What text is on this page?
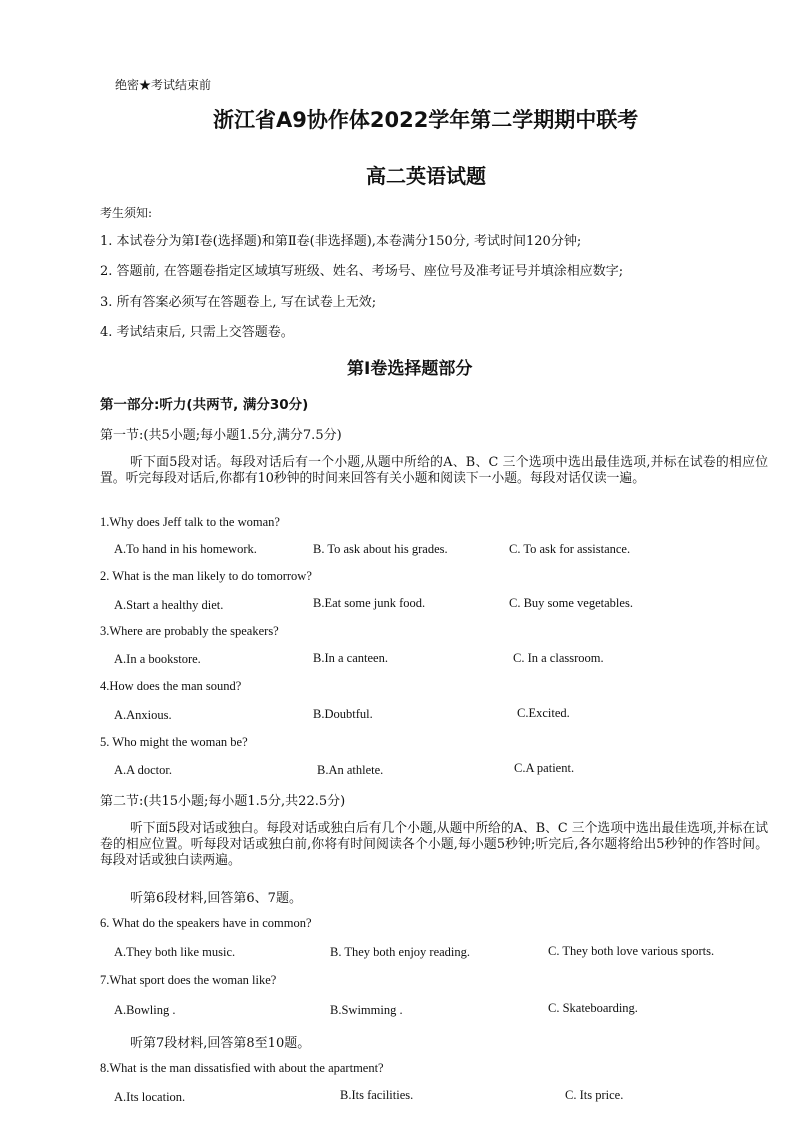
绝密★考试结束前
浙江省A9协作体2022学年第二学期期中联考
高二英语试题
考生须知:
1. 本试卷分为第Ⅰ卷(选择题)和第Ⅱ卷(非选择题),本卷满分150分, 考试时间120分钟;
2. 答题前, 在答题卷指定区域填写班级、姓名、考场号、座位号及准考证号并填涂相应数字;
3. 所有答案必须写在答题卷上, 写在试卷上无效;
4. 考试结束后, 只需上交答题卷。
第Ⅰ卷选择题部分
第一部分:听力(共两节, 满分30分)
第一节:(共5小题;每小题1.5分,满分7.5分)
听下面5段对话。每段对话后有一个小题,从题中所给的A、B、C 三个选项中选出最佳选项,并标在试卷的相应位置。听完每段对话后,你都有10秒钟的时间来回答有关小题和阅读下一小题。每段对话仅读一遍。
1.Why does Jeff talk to the woman?
A.To hand in his homework.	B. To ask about his grades.	C. To ask for assistance.
2. What is the man likely to do tomorrow?
A.Start a healthy diet.	B.Eat some junk food.	C. Buy some vegetables.
3.Where are probably the speakers?
A.In a bookstore.	B.In a canteen.	C. In a classroom.
4.How does the man sound?
A.Anxious.	B.Doubtful.	C.Excited.
5. Who might the woman be?
A.A doctor.	B.An athlete.	C.A patient.
第二节:(共15小题;每小题1.5分,共22.5分)
听下面5段对话或独白。每段对话或独白后有几个小题,从题中所给的A、B、C 三个选项中选出最佳选项,并标在试卷的相应位置。听每段对话或独白前,你将有时间阅读各个小题,每小题5秒钟;听完后,各尔题将给出5秒钟的作答时间。每段对话或独白读两遍。
听第6段材料,回答第6、7题。
6. What do the speakers have in common?
A.They both like music.	B. They both enjoy reading.	C. They both love various sports.
7.What sport does the woman like?
A.Bowling .	B.Swimming .	C. Skateboarding.
听第7段材料,回答第8至10题。
8.What is the man dissatisfied with about the apartment?
A.Its location.	B.Its facilities.	C. Its price.
